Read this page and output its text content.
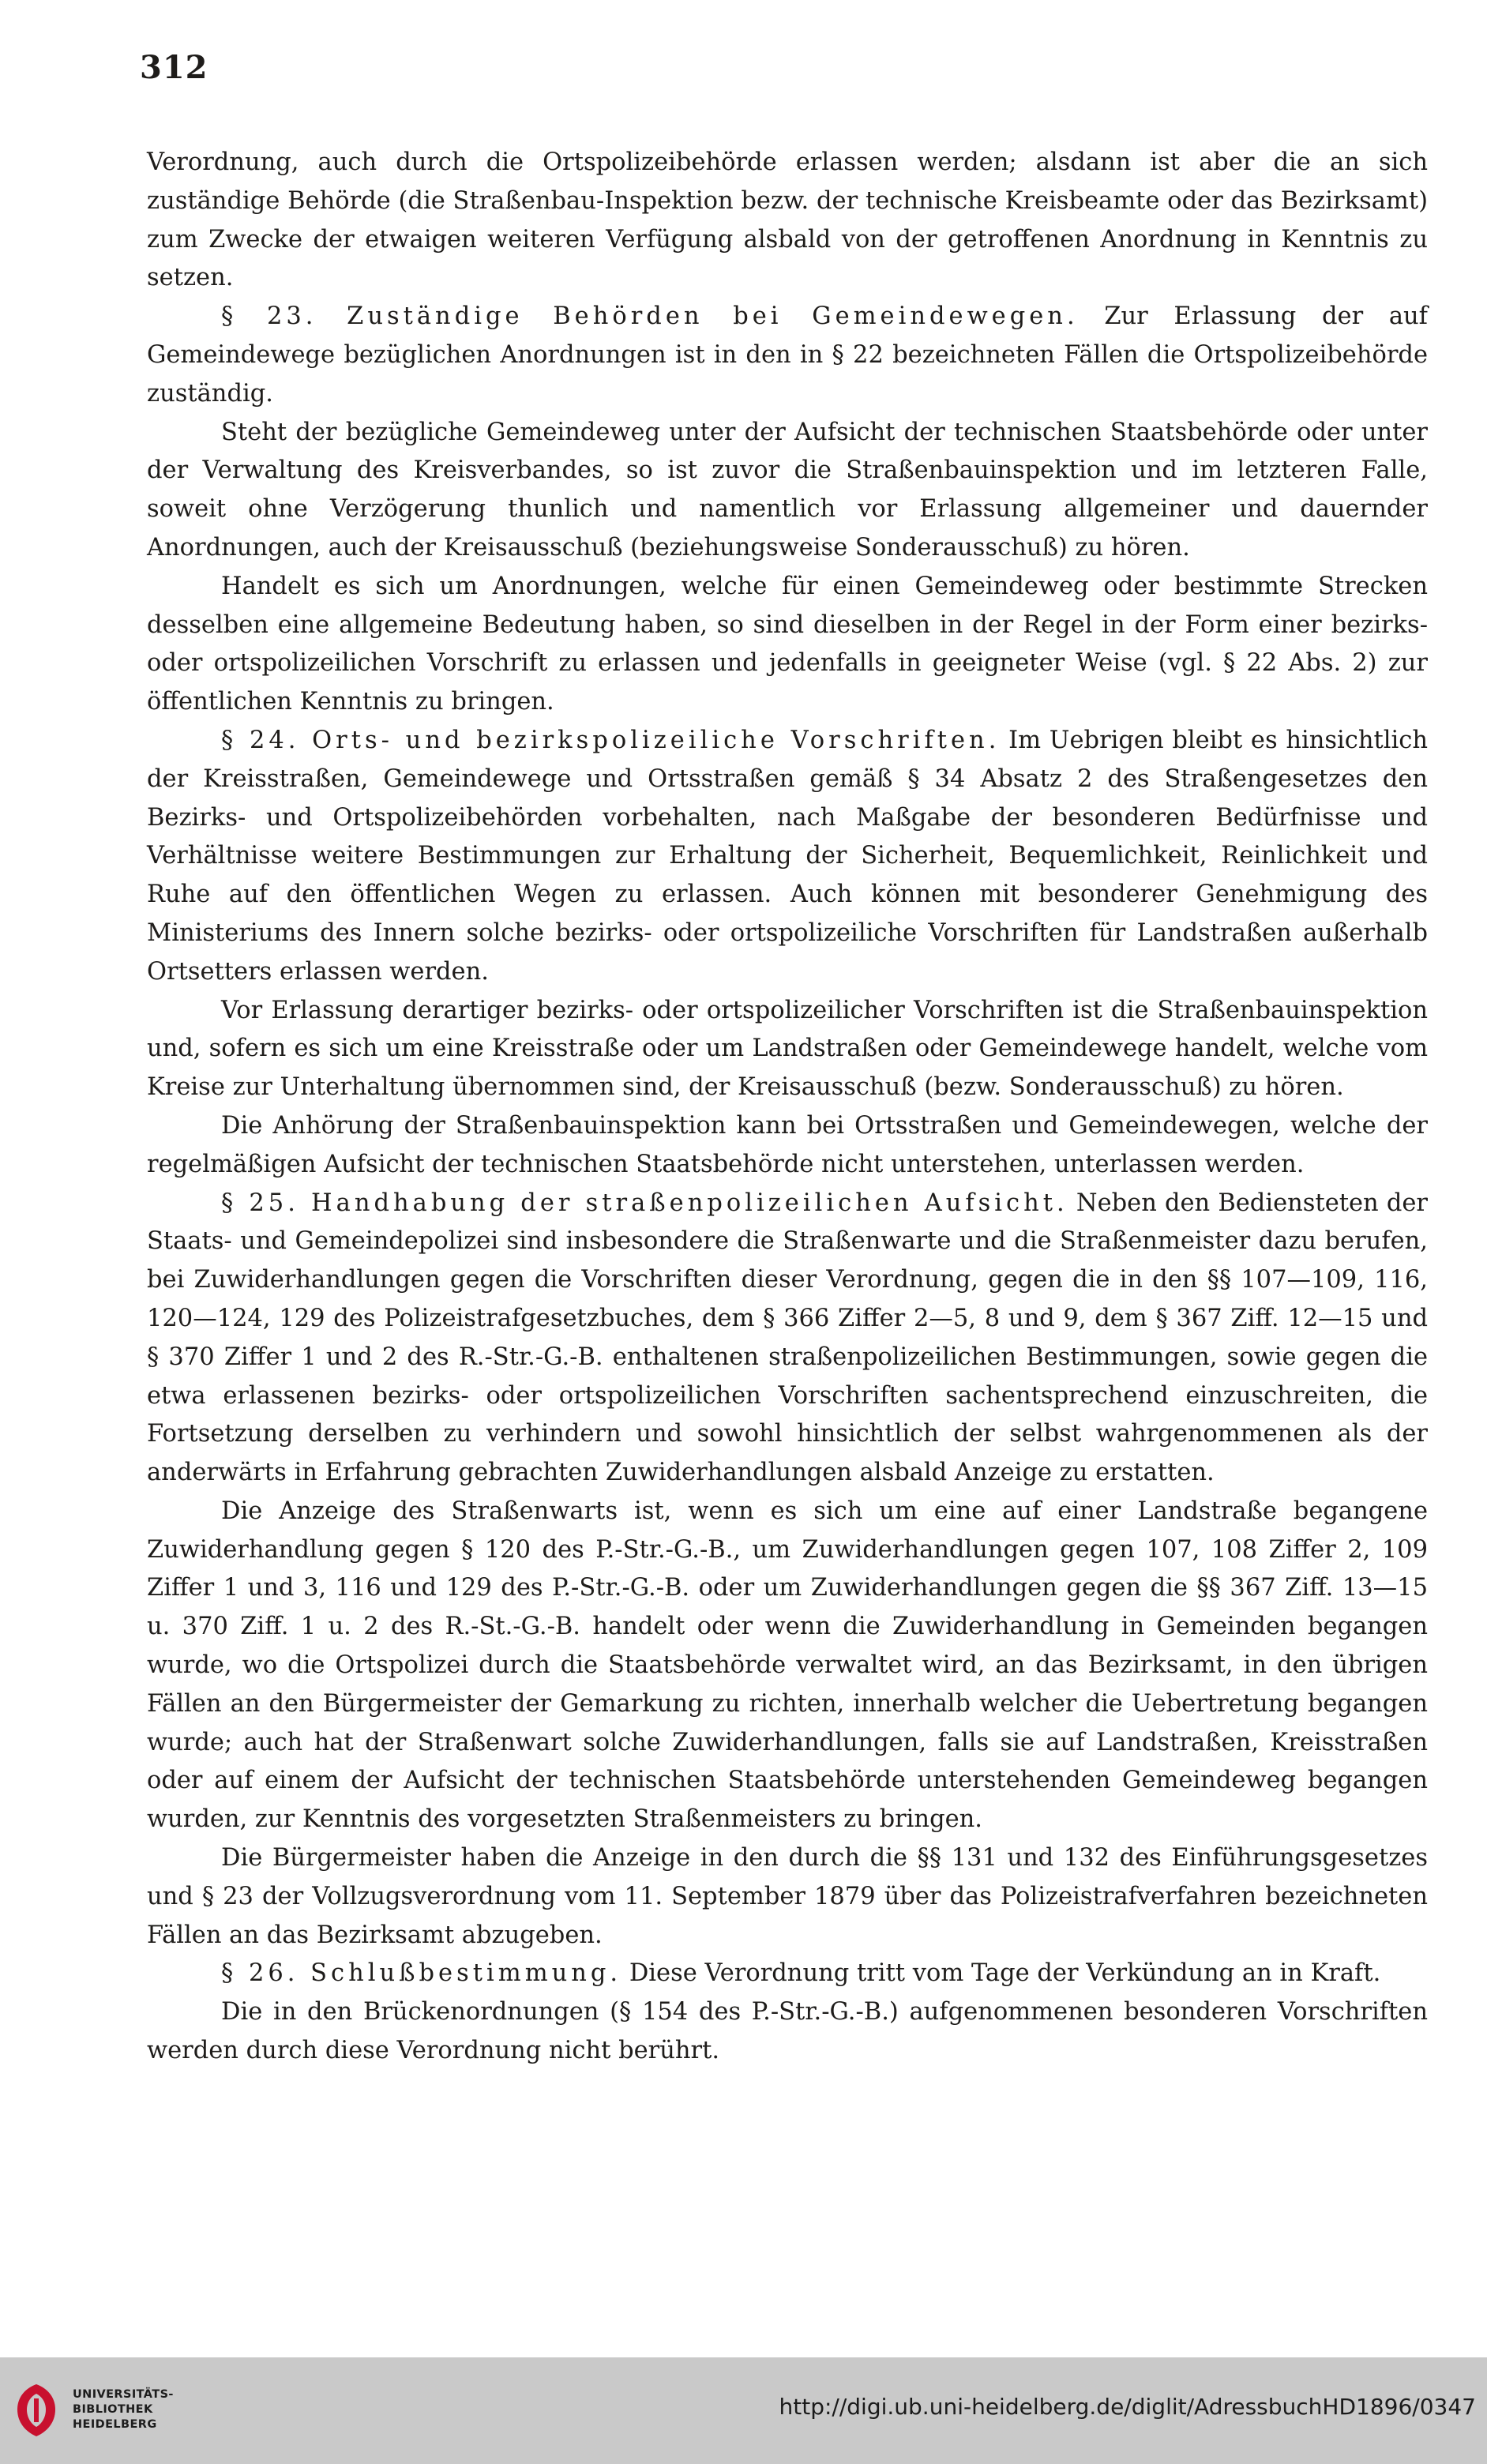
312

Verordnung, auch durch die Ortspolizeibehörde erlassen werden; alsdann ist aber die an sich zuständige Behörde (die Straßenbau-Inspektion bezw. der technische Kreisbeamte oder das Bezirksamt) zum Zwecke der etwaigen weiteren Verfügung alsbald von der getroffenen Anordnung in Kenntnis zu setzen.

§ 23. Zuständige Behörden bei Gemeindewegen. Zur Erlassung der auf Gemeindewege bezüglichen Anordnungen ist in den in § 22 bezeichneten Fällen die Ortspolizeibehörde zuständig.

Steht der bezügliche Gemeindeweg unter der Aufsicht der technischen Staatsbehörde oder unter der Verwaltung des Kreisverbandes, so ist zuvor die Straßenbauinspektion und im letzteren Falle, soweit ohne Verzögerung thunlich und namentlich vor Erlassung allgemeiner und dauernder Anordnungen, auch der Kreisausschuß (beziehungsweise Sonderausschuß) zu hören.

Handelt es sich um Anordnungen, welche für einen Gemeindeweg oder bestimmte Strecken desselben eine allgemeine Bedeutung haben, so sind dieselben in der Regel in der Form einer bezirks- oder ortspolizeilichen Vorschrift zu erlassen und jedenfalls in geeigneter Weise (vgl. § 22 Abs. 2) zur öffentlichen Kenntnis zu bringen.

§ 24. Orts- und bezirkspolizeiliche Vorschriften. Im Uebrigen bleibt es hinsichtlich der Kreisstraßen, Gemeindewege und Ortsstraßen gemäß § 34 Absatz 2 des Straßengesetzes den Bezirks- und Ortspolizeibehörden vorbehalten, nach Maßgabe der besonderen Bedürfnisse und Verhältnisse weitere Bestimmungen zur Erhaltung der Sicherheit, Bequemlichkeit, Reinlichkeit und Ruhe auf den öffentlichen Wegen zu erlassen. Auch können mit besonderer Genehmigung des Ministeriums des Innern solche bezirks- oder ortspolizeiliche Vorschriften für Landstraßen außerhalb Ortsetters erlassen werden.

Vor Erlassung derartiger bezirks- oder ortspolizeilicher Vorschriften ist die Straßenbauinspektion und, sofern es sich um eine Kreisstraße oder um Landstraßen oder Gemeindewege handelt, welche vom Kreise zur Unterhaltung übernommen sind, der Kreisausschuß (bezw. Sonderausschuß) zu hören.

Die Anhörung der Straßenbauinspektion kann bei Ortsstraßen und Gemeindewegen, welche der regelmäßigen Aufsicht der technischen Staatsbehörde nicht unterstehen, unterlassen werden.

§ 25. Handhabung der straßenpolizeilichen Aufsicht. Neben den Bediensteten der Staats- und Gemeindepolizei sind insbesondere die Straßenwarte und die Straßenmeister dazu berufen, bei Zuwiderhandlungen gegen die Vorschriften dieser Verordnung, gegen die in den §§ 107—109, 116, 120—124, 129 des Polizeistrafgesetzbuches, dem § 366 Ziffer 2—5, 8 und 9, dem § 367 Ziff. 12—15 und § 370 Ziffer 1 und 2 des R.-Str.-G.-B. enthaltenen straßenpolizeilichen Bestimmungen, sowie gegen die etwa erlassenen bezirks- oder ortspolizeilichen Vorschriften sachentsprechend einzuschreiten, die Fortsetzung derselben zu verhindern und sowohl hinsichtlich der selbst wahrgenommenen als der anderwärts in Erfahrung gebrachten Zuwiderhandlungen alsbald Anzeige zu erstatten.

Die Anzeige des Straßenwarts ist, wenn es sich um eine auf einer Landstraße begangene Zuwiderhandlung gegen § 120 des P.-Str.-G.-B., um Zuwiderhandlungen gegen 107, 108 Ziffer 2, 109 Ziffer 1 und 3, 116 und 129 des P.-Str.-G.-B. oder um Zuwiderhandlungen gegen die §§ 367 Ziff. 13—15 u. 370 Ziff. 1 u. 2 des R.-St.-G.-B. handelt oder wenn die Zuwiderhandlung in Gemeinden begangen wurde, wo die Ortspolizei durch die Staatsbehörde verwaltet wird, an das Bezirksamt, in den übrigen Fällen an den Bürgermeister der Gemarkung zu richten, innerhalb welcher die Uebertretung begangen wurde; auch hat der Straßenwart solche Zuwiderhandlungen, falls sie auf Landstraßen, Kreisstraßen oder auf einem der Aufsicht der technischen Staatsbehörde unterstehenden Gemeindeweg begangen wurden, zur Kenntnis des vorgesetzten Straßenmeisters zu bringen.

Die Bürgermeister haben die Anzeige in den durch die §§ 131 und 132 des Einführungsgesetzes und § 23 der Vollzugsverordnung vom 11. September 1879 über das Polizeistrafverfahren bezeichneten Fällen an das Bezirksamt abzugeben.

§ 26. Schlußbestimmung. Diese Verordnung tritt vom Tage der Verkündung an in Kraft.

Die in den Brückenordnungen (§ 154 des P.-Str.-G.-B.) aufgenommenen besonderen Vorschriften werden durch diese Verordnung nicht berührt.

UNIVERSITÄTS-
BIBLIOTHEK
HEIDELBERG
http://digi.ub.uni-heidelberg.de/diglit/AdressbuchHD1896/0347
